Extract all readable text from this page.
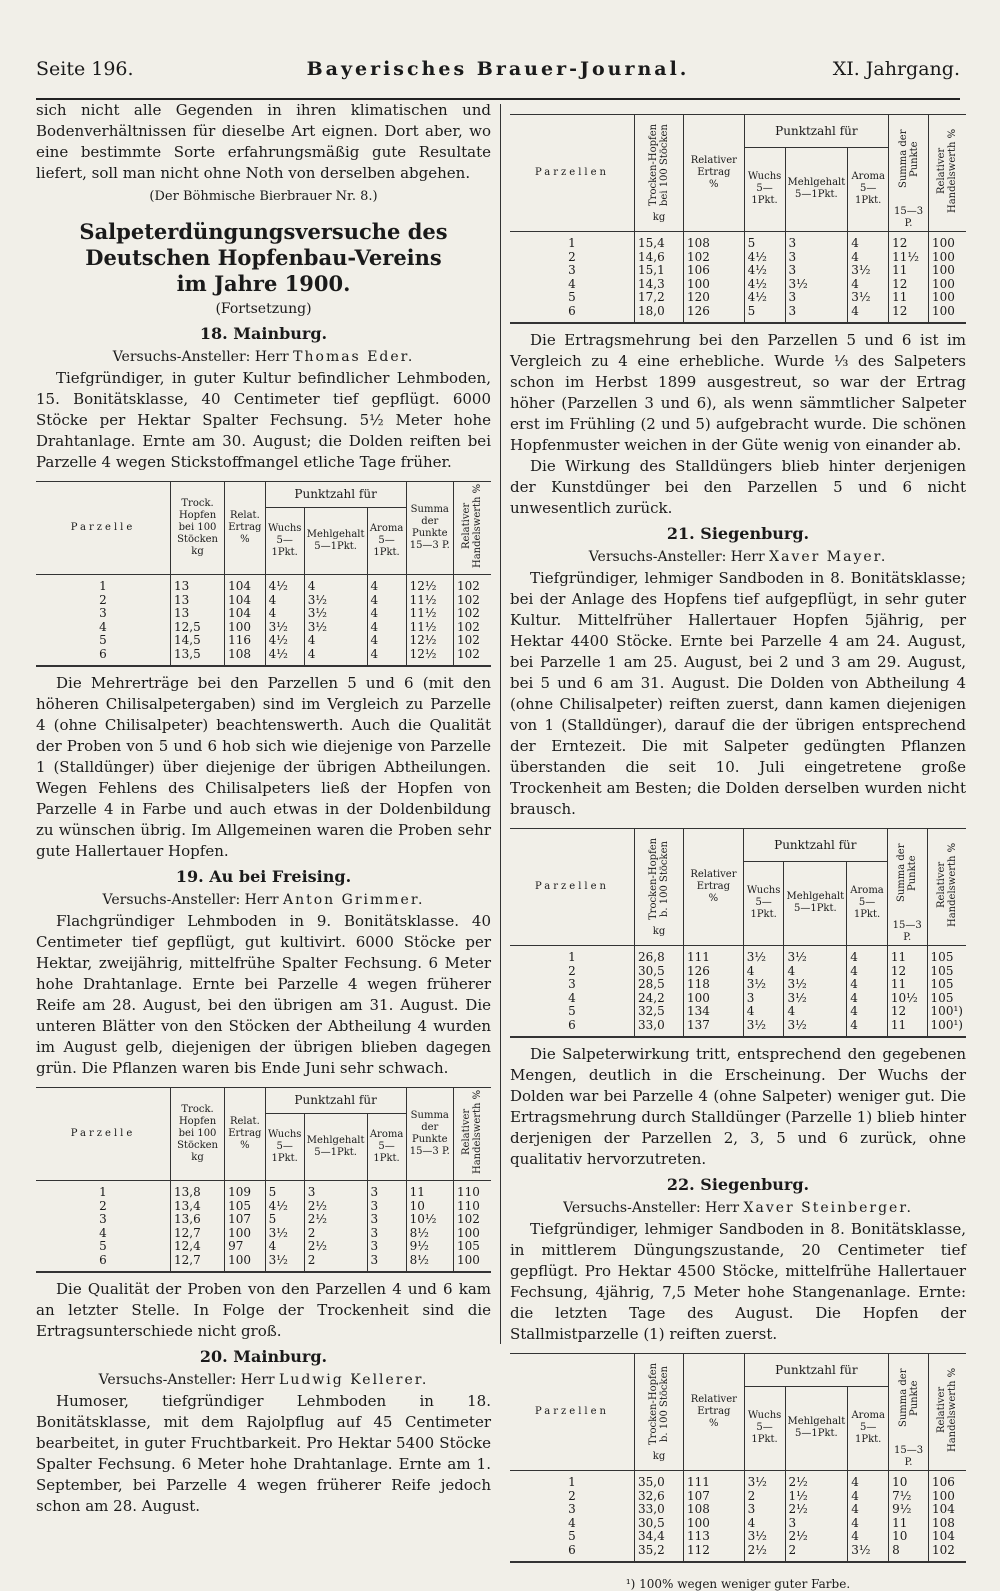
Seite 196.	Bayerisches Brauer-Journal.	XI. Jahrgang.

sich nicht alle Gegenden in ihren klimatischen und Bodenverhältnissen für dieselbe Art eignen. Dort aber, wo eine bestimmte Sorte erfahrungsmäßig gute Resultate liefert, soll man nicht ohne Noth von derselben abgehen.

(Der Böhmische Bierbrauer Nr. 8.)

Salpeterdüngungsversuche des Deutschen Hopfenbau-Vereins
im Jahre 1900.
(Fortsetzung)
18. Mainburg.
Versuchs-Ansteller: Herr Thomas Eder.

Tiefgründiger, in guter Kultur befindlicher Lehmboden, 15. Bonitätsklasse, 40 Centimeter tief gepflügt. 6000 Stöcke per Hektar Spalter Fechsung. 5½ Meter hohe Drahtanlage. Ernte am 30. August; die Dolden reiften bei Parzelle 4 wegen Stickstoffmangel etliche Tage früher.

Parzelle	Trock. Hopfen bei 100 Stöcken
kg	Relat. Ertrag
%	Punktzahl für			Summa der Punkte
15—3 P.	Relativer Handelswerth %
			Wuchs
5—1Pkt.	Mehlgehalt
5—1Pkt.	Aroma
5—1Pkt.		
1	13	104	4½	4	4	12½	102
2	13	104	4	3½	4	11½	102
3	13	104	4	3½	4	11½	102
4	12,5	100	3½	3½	4	11½	102
5	14,5	116	4½	4	4	12½	102
6	13,5	108	4½	4	4	12½	102

Die Mehrerträge bei den Parzellen 5 und 6 (mit den höheren Chilisalpetergaben) sind im Vergleich zu Parzelle 4 (ohne Chilisalpeter) beachtenswerth. Auch die Qualität der Proben von 5 und 6 hob sich wie diejenige von Parzelle 1 (Stalldünger) über diejenige der übrigen Abtheilungen. Wegen Fehlens des Chilisalpeters ließ der Hopfen von Parzelle 4 in Farbe und auch etwas in der Doldenbildung zu wünschen übrig. Im Allgemeinen waren die Proben sehr gute Hallertauer Hopfen.

19. Au bei Freising.
Versuchs-Ansteller: Herr Anton Grimmer.

Flachgründiger Lehmboden in 9. Bonitätsklasse. 40 Centimeter tief gepflügt, gut kultivirt. 6000 Stöcke per Hektar, zweijährig, mittelfrühe Spalter Fechsung. 6 Meter hohe Drahtanlage. Ernte bei Parzelle 4 wegen früherer Reife am 28. August, bei den übrigen am 31. August. Die unteren Blätter von den Stöcken der Abtheilung 4 wurden im August gelb, diejenigen der übrigen blieben dagegen grün. Die Pflanzen waren bis Ende Juni sehr schwach.

Parzelle	Trock. Hopfen bei 100 Stöcken
kg	Relat. Ertrag
%	Punktzahl für			Summa der Punkte
15—3 P.	Relativer Handelswerth %
			Wuchs
5—1Pkt.	Mehlgehalt
5—1Pkt.	Aroma
5—1Pkt.		
1	13,8	109	5	3	3	11	110
2	13,4	105	4½	2½	3	10	110
3	13,6	107	5	2½	3	10½	102
4	12,7	100	3½	2	3	8½	100
5	12,4	97	4	2½	3	9½	105
6	12,7	100	3½	2	3	8½	100

Die Qualität der Proben von den Parzellen 4 und 6 kam an letzter Stelle. In Folge der Trockenheit sind die Ertragsunterschiede nicht groß.

20. Mainburg.
Versuchs-Ansteller: Herr Ludwig Kellerer.

Humoser, tiefgründiger Lehmboden in 18. Bonitätsklasse, mit dem Rajolpflug auf 45 Centimeter bearbeitet, in guter Fruchtbarkeit. Pro Hektar 5400 Stöcke Spalter Fechsung. 6 Meter hohe Drahtanlage. Ernte am 1. September, bei Parzelle 4 wegen früherer Reife jedoch schon am 28. August.

Parzellen	Trocken-Hopfen bei 100 Stöcken
kg	Relativer Ertrag
%	Punktzahl für			Summa der Punkte
15—3 P.	Relativer Handelswerth %
			Wuchs
5—1Pkt.	Mehlgehalt
5—1Pkt.	Aroma
5—1Pkt.		
1	15,4	108	5	3	4	12	100
2	14,6	102	4½	3	4	11½	100
3	15,1	106	4½	3	3½	11	100
4	14,3	100	4½	3½	4	12	100
5	17,2	120	4½	3	3½	11	100
6	18,0	126	5	3	4	12	100

Die Ertragsmehrung bei den Parzellen 5 und 6 ist im Vergleich zu 4 eine erhebliche. Wurde ⅓ des Salpeters schon im Herbst 1899 ausgestreut, so war der Ertrag höher (Parzellen 3 und 6), als wenn sämmtlicher Salpeter erst im Frühling (2 und 5) aufgebracht wurde. Die schönen Hopfenmuster weichen in der Güte wenig von einander ab.

Die Wirkung des Stalldüngers blieb hinter derjenigen der Kunstdünger bei den Parzellen 5 und 6 nicht unwesentlich zurück.

21. Siegenburg.
Versuchs-Ansteller: Herr Xaver Mayer.

Tiefgründiger, lehmiger Sandboden in 8. Bonitätsklasse; bei der Anlage des Hopfens tief aufgepflügt, in sehr guter Kultur. Mittelfrüher Hallertauer Hopfen 5jährig, per Hektar 4400 Stöcke. Ernte bei Parzelle 4 am 24. August, bei Parzelle 1 am 25. August, bei 2 und 3 am 29. August, bei 5 und 6 am 31. August. Die Dolden von Abtheilung 4 (ohne Chilisalpeter) reiften zuerst, dann kamen diejenigen von 1 (Stalldünger), darauf die der übrigen entsprechend der Erntezeit. Die mit Salpeter gedüngten Pflanzen überstanden die seit 10. Juli eingetretene große Trockenheit am Besten; die Dolden derselben wurden nicht brausch.

Parzellen	Trocken-Hopfen b. 100 Stöcken
kg	Relativer Ertrag
%	Punktzahl für			Summa der Punkte
15—3 P.	Relativer Handelswerth %
			Wuchs
5—1Pkt.	Mehlgehalt
5—1Pkt.	Aroma
5—1Pkt.		
1	26,8	111	3½	3½	4	11	105
2	30,5	126	4	4	4	12	105
3	28,5	118	3½	3½	4	11	105
4	24,2	100	3	3½	4	10½	105
5	32,5	134	4	4	4	12	100¹)
6	33,0	137	3½	3½	4	11	100¹)

Die Salpeterwirkung tritt, entsprechend den gegebenen Mengen, deutlich in die Erscheinung. Der Wuchs der Dolden war bei Parzelle 4 (ohne Salpeter) weniger gut. Die Ertragsmehrung durch Stalldünger (Parzelle 1) blieb hinter derjenigen der Parzellen 2, 3, 5 und 6 zurück, ohne qualitativ hervorzutreten.

22. Siegenburg.
Versuchs-Ansteller: Herr Xaver Steinberger.

Tiefgründiger, lehmiger Sandboden in 8. Bonitätsklasse, in mittlerem Düngungszustande, 20 Centimeter tief gepflügt. Pro Hektar 4500 Stöcke, mittelfrühe Hallertauer Fechsung, 4jährig, 7,5 Meter hohe Stangenanlage. Ernte: die letzten Tage des August. Die Hopfen der Stallmistparzelle (1) reiften zuerst.

Parzellen	Trocken-Hopfen b. 100 Stöcken
kg	Relativer Ertrag
%	Punktzahl für			Summa der Punkte
15—3 P.	Relativer Handelswerth %
			Wuchs
5—1Pkt.	Mehlgehalt
5—1Pkt.	Aroma
5—1Pkt.		
1	35,0	111	3½	2½	4	10	106
2	32,6	107	2	1½	4	7½	100
3	33,0	108	3	2½	4	9½	104
4	30,5	100	4	3	4	11	108
5	34,4	113	3½	2½	4	10	104
6	35,2	112	2½	2	3½	8	102
¹) 100% wegen weniger guter Farbe.
